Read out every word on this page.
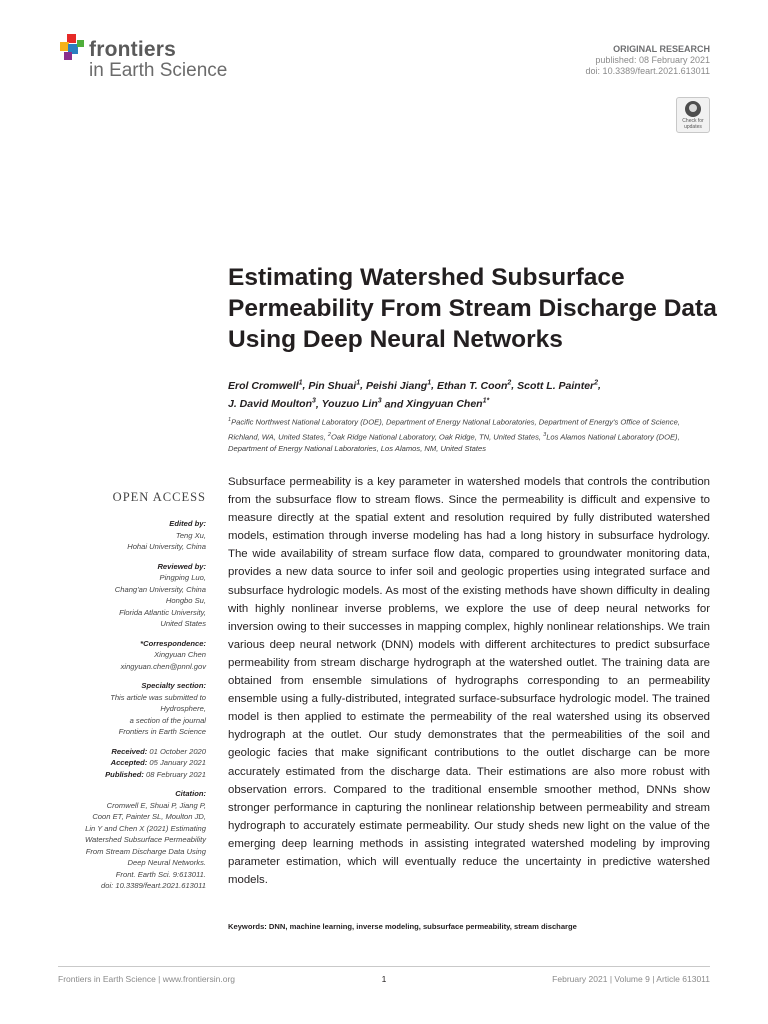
frontiers
in Earth Science
ORIGINAL RESEARCH
published: 08 February 2021
doi: 10.3389/feart.2021.613011
Check for updates
Estimating Watershed Subsurface Permeability From Stream Discharge Data Using Deep Neural Networks
Erol Cromwell$^1$, Pin Shuai$^1$, Peishi Jiang$^1$, Ethan T. Coon$^2$, Scott L. Painter$^2$,
J. David Moulton$^3$, Youzuo Lin$^3$ and Xingyuan Chen$^{1*}$
$^1$Pacific Northwest National Laboratory (DOE), Department of Energy National Laboratories, Department of Energy's Office of Science, Richland, WA, United States, $^2$Oak Ridge National Laboratory, Oak Ridge, TN, United States, $^3$Los Alamos National Laboratory (DOE), Department of Energy National Laboratories, Los Alamos, NM, United States
OPEN ACCESS
Edited by:
Teng Xu,
Hohai University, China
Reviewed by:
Pingping Luo,
Chang'an University, China
Hongbo Su,
Florida Atlantic University,
United States
*Correspondence:
Xingyuan Chen
xingyuan.chen@pnnl.gov
Specialty section:
This article was submitted to
Hydrosphere,
a section of the journal
Frontiers in Earth Science
Received: 01 October 2020
Accepted: 05 January 2021
Published: 08 February 2021
Citation:
Cromwell E, Shuai P, Jiang P,
Coon ET, Painter SL, Moulton JD,
Lin Y and Chen X (2021) Estimating
Watershed Subsurface Permeability
From Stream Discharge Data Using
Deep Neural Networks.
Front. Earth Sci. 9:613011.
doi: 10.3389/feart.2021.613011
Subsurface permeability is a key parameter in watershed models that controls the contribution from the subsurface flow to stream flows. Since the permeability is difficult and expensive to measure directly at the spatial extent and resolution required by fully distributed watershed models, estimation through inverse modeling has had a long history in subsurface hydrology. The wide availability of stream surface flow data, compared to groundwater monitoring data, provides a new data source to infer soil and geologic properties using integrated surface and subsurface hydrologic models. As most of the existing methods have shown difficulty in dealing with highly nonlinear inverse problems, we explore the use of deep neural networks for inversion owing to their successes in mapping complex, highly nonlinear relationships. We train various deep neural network (DNN) models with different architectures to predict subsurface permeability from stream discharge hydrograph at the watershed outlet. The training data are obtained from ensemble simulations of hydrographs corresponding to an permeability ensemble using a fully-distributed, integrated surface-subsurface hydrologic model. The trained model is then applied to estimate the permeability of the real watershed using its observed hydrograph at the outlet. Our study demonstrates that the permeabilities of the soil and geologic facies that make significant contributions to the outlet discharge can be more accurately estimated from the discharge data. Their estimations are also more robust with observation errors. Compared to the traditional ensemble smoother method, DNNs show stronger performance in capturing the nonlinear relationship between permeability and stream hydrograph to accurately estimate permeability. Our study sheds new light on the value of the emerging deep learning methods in assisting integrated watershed modeling by improving parameter estimation, which will eventually reduce the uncertainty in predictive watershed models.
Keywords: DNN, machine learning, inverse modeling, subsurface permeability, stream discharge
Frontiers in Earth Science | www.frontiersin.org	1	February 2021 | Volume 9 | Article 613011
